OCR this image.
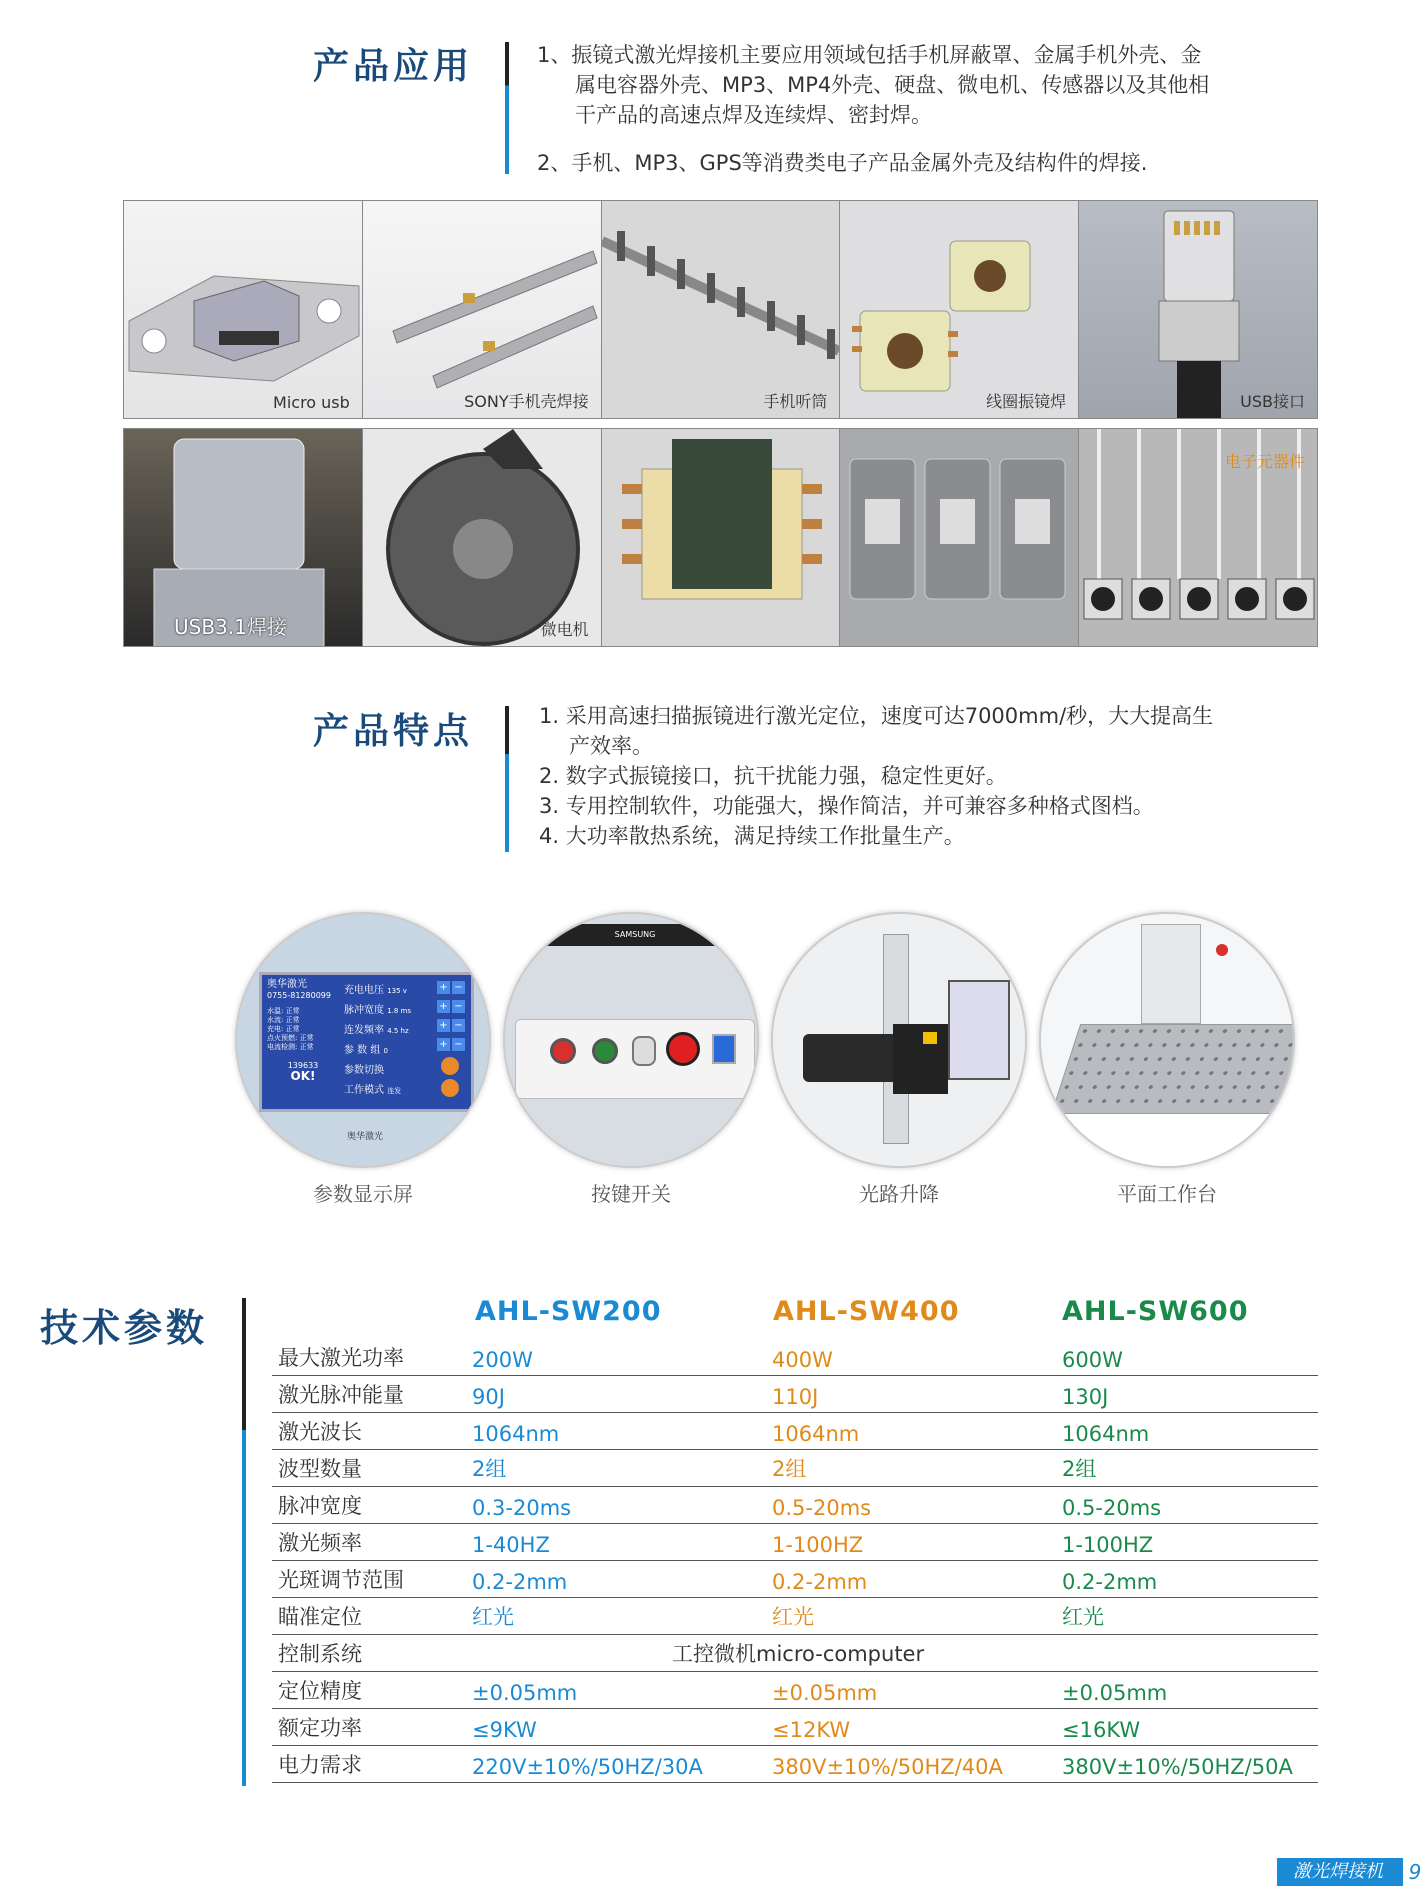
产品应用	1、振镜式激光焊接机主要应用领域包括手机屏蔽罩、金属手机外壳、金
属电容器外壳、MP3、MP4外壳、硬盘、微电机、传感器以及其他相
干产品的高速点焊及连续焊、密封焊。
2、手机、MP3、GPS等消费类电子产品金属外壳及结构件的焊接.
Micro usb	SONY手机壳焊接	手机听筒	线圈振镜焊	USB接口
USB3.1焊接	微电机
电子元器件
产品特点	1. 采用高速扫描振镜进行激光定位，速度可达7000mm/秒，大大提高生
产效率。
2. 数字式振镜接口，抗干扰能力强，稳定性更好。
3. 专用控制软件，功能强大，操作简洁，并可兼容多种格式图档。
4. 大功率散热系统，满足持续工作批量生产。
奥华激光
0755-81280099
水温: 正常
水流: 正常
充电: 正常
点火预燃: 正常
电流检测: 正常
139633
OK!
充电电压 135 v
脉冲宽度 1.8 ms
连发频率 4.5 hz
参 数 组 0
参数切换
工作模式 连发
+ −
+ −
+ −
+ −
奥华激光
参数显示屏
SAMSUNG
按键开关	光路升降	平面工作台
技术参数	AHL-SW200	AHL-SW400	AHL-SW600
最大激光功率	200W	400W	600W
激光脉冲能量	90J	110J	130J
激光波长	1064nm	1064nm	1064nm
波型数量	2组	2组	2组
脉冲宽度	0.3-20ms	0.5-20ms	0.5-20ms
激光频率	1-40HZ	1-100HZ	1-100HZ
光斑调节范围	0.2-2mm	0.2-2mm	0.2-2mm
瞄准定位	红光	红光	红光
控制系统	工控微机micro-computer
定位精度	±0.05mm	±0.05mm	±0.05mm
额定功率	≤9KW	≤12KW	≤16KW
电力需求	220V±10%/50HZ/30A	380V±10%/50HZ/40A	380V±10%/50HZ/50A
激光焊接机 9
